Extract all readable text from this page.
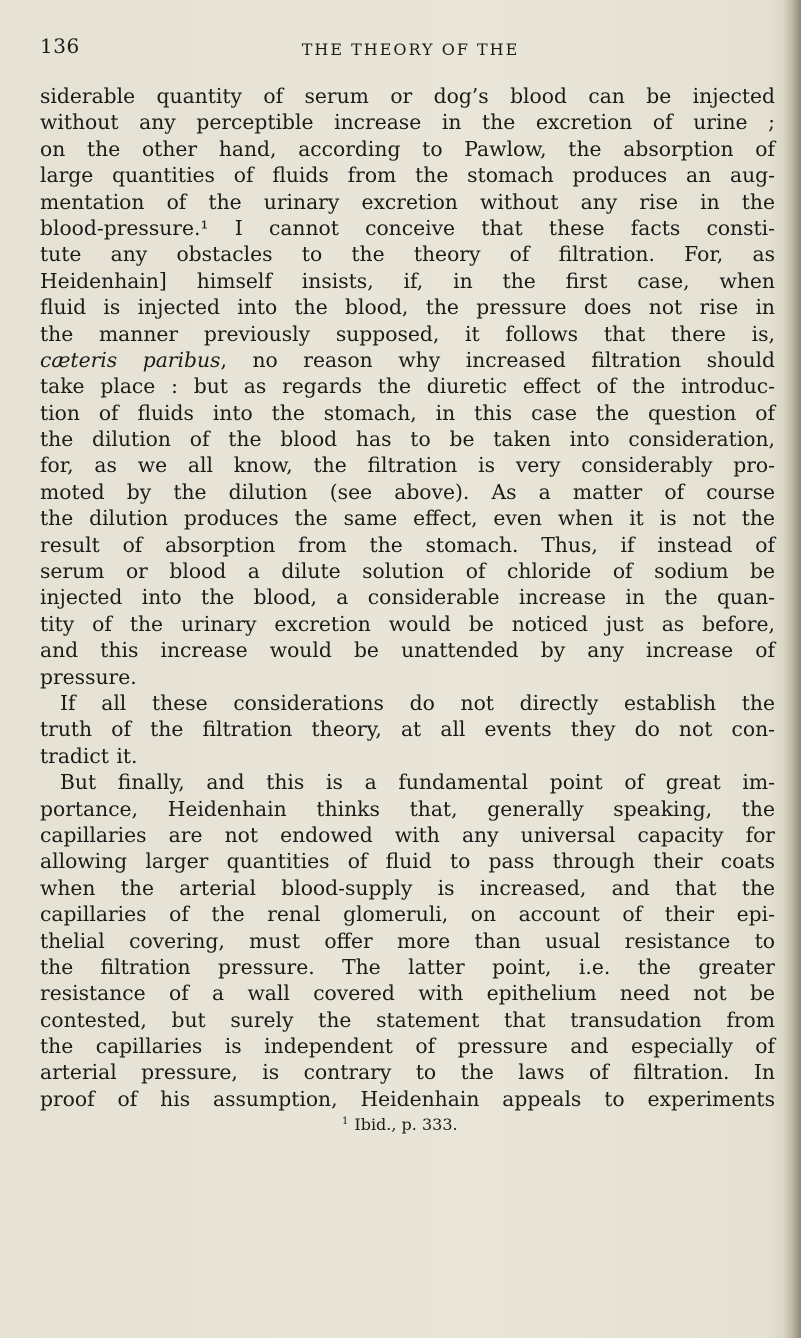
136	THE THEORY OF THE
siderable quantity of serum or dog’s blood can be injected
without any perceptible increase in the excretion of urine ;
on the other hand, according to Pawlow, the absorption of
large quantities of fluids from the stomach produces an aug-
mentation of the urinary excretion without any rise in the
blood-pressure.¹ I cannot conceive that these facts consti-
tute any obstacles to the theory of filtration. For, as
Heidenhain] himself insists, if, in the first case, when
fluid is injected into the blood, the pressure does not rise in
the manner previously supposed, it follows that there is,
cæteris paribus, no reason why increased filtration should
take place : but as regards the diuretic effect of the introduc-
tion of fluids into the stomach, in this case the question of
the dilution of the blood has to be taken into consideration,
for, as we all know, the filtration is very considerably pro-
moted by the dilution (see above). As a matter of course
the dilution produces the same effect, even when it is not the
result of absorption from the stomach. Thus, if instead of
serum or blood a dilute solution of chloride of sodium be
injected into the blood, a considerable increase in the quan-
tity of the urinary excretion would be noticed just as before,
and this increase would be unattended by any increase of
pressure.
If all these considerations do not directly establish the
truth of the filtration theory, at all events they do not con-
tradict it.
But finally, and this is a fundamental point of great im-
portance, Heidenhain thinks that, generally speaking, the
capillaries are not endowed with any universal capacity for
allowing larger quantities of fluid to pass through their coats
when the arterial blood-supply is increased, and that the
capillaries of the renal glomeruli, on account of their epi-
thelial covering, must offer more than usual resistance to
the filtration pressure. The latter point, i.e. the greater
resistance of a wall covered with epithelium need not be
contested, but surely the statement that transudation from
the capillaries is independent of pressure and especially of
arterial pressure, is contrary to the laws of filtration. In
proof of his assumption, Heidenhain appeals to experiments
$^1$ Ibid., p. 333.
